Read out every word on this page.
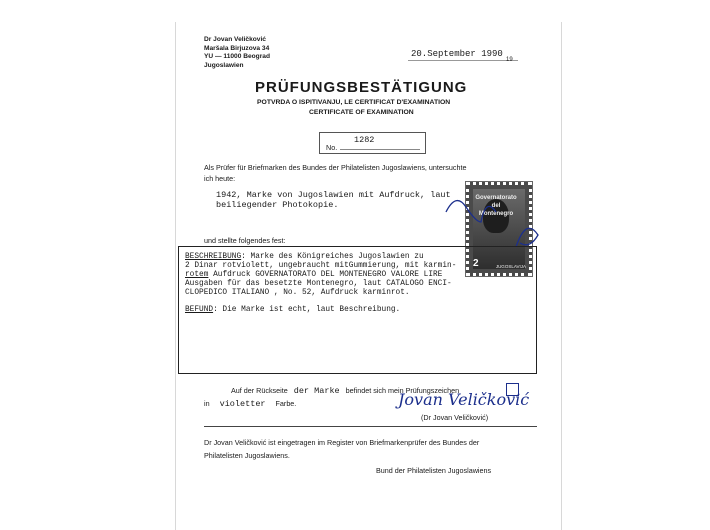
Dr Jovan Veličković
Maršala Birjuzova 34
YU — 11000 Beograd
Jugoslawien
20.September 1990
19
PRÜFUNGSBESTÄTIGUNG
POTVRDA O ISPITIVANJU, LE CERTIFICAT D'EXAMINATION
CERTIFICATE OF EXAMINATION
No.
1282
Als Prüfer für Briefmarken des Bundes der Philatelisten Jugoslawiens, untersuchte
ich heute:
1942, Marke von Jugoslawien mit Aufdruck, laut
beiliegender Photokopie.
Governatorato
del
Montenegro
2	JUGOSLAVIJA
und stellte folgendes fest:
BESCHREIBUNG: Marke des Königreiches Jugoslawien zu
2 Dinar rotviolett, ungebraucht mitGummierung, mit karmin-
rotem Aufdruck GOVERNATORATO DEL MONTENEGRO VALORE LIRE
Ausgaben für das besetzte Montenegro, laut CATALOGO ENCI-
CLOPEDICO ITALIANO , No. 52, Aufdruck karminrot.
BEFUND: Die Marke ist echt, laut Beschreibung.
Auf der Rückseite der Marke befindet sich mein Prüfungszeichen
in violetter Farbe.	Jovan Veličković
(Dr Jovan Veličković)
Dr Jovan Veličković ist eingetragen im Register von Briefmarkenprüfer des Bundes der
Philatelisten Jugoslawiens.
Bund der Philatelisten Jugoslawiens
